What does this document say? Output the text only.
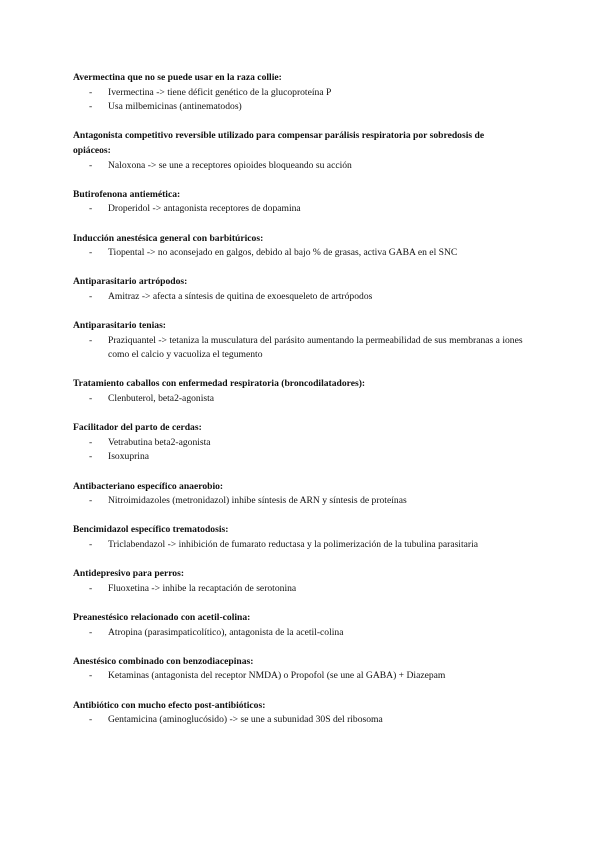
Avermectina que no se puede usar en la raza collie:

- Ivermectina -> tiene déficit genético de la glucoproteína P
- Usa milbemicinas (antinematodos)

Antagonista competitivo reversible utilizado para compensar parálisis respiratoria por sobredosis de opiáceos:

- Naloxona -> se une a receptores opioides bloqueando su acción

Butirofenona antiemética:

- Droperidol -> antagonista receptores de dopamina

Inducción anestésica general con barbitúricos:

- Tiopental -> no aconsejado en galgos, debido al bajo % de grasas, activa GABA en el SNC

Antiparasitario artrópodos:

- Amitraz -> afecta a síntesis de quitina de exoesqueleto de artrópodos

Antiparasitario tenias:

- Praziquantel -> tetaniza la musculatura del parásito aumentando la permeabilidad de sus membranas a iones como el calcio y vacuoliza el tegumento

Tratamiento caballos con enfermedad respiratoria (broncodilatadores):

- Clenbuterol, beta2-agonista

Facilitador del parto de cerdas:

- Vetrabutina beta2-agonista
- Isoxuprina

Antibacteriano específico anaerobio:

- Nitroimidazoles (metronidazol) inhibe síntesis de ARN y síntesis de proteínas

Bencimidazol específico trematodosis:

- Triclabendazol -> inhibición de fumarato reductasa y la polimerización de la tubulina parasitaria

Antidepresivo para perros:

- Fluoxetina -> inhibe la recaptación de serotonina

Preanestésico relacionado con acetil-colina:

- Atropina (parasimpaticolítico), antagonista de la acetil-colina

Anestésico combinado con benzodiacepinas:

- Ketaminas (antagonista del receptor NMDA) o Propofol (se une al GABA) + Diazepam

Antibiótico con mucho efecto post-antibióticos:

- Gentamicina (aminoglucósido) -> se une a subunidad 30S del ribosoma
